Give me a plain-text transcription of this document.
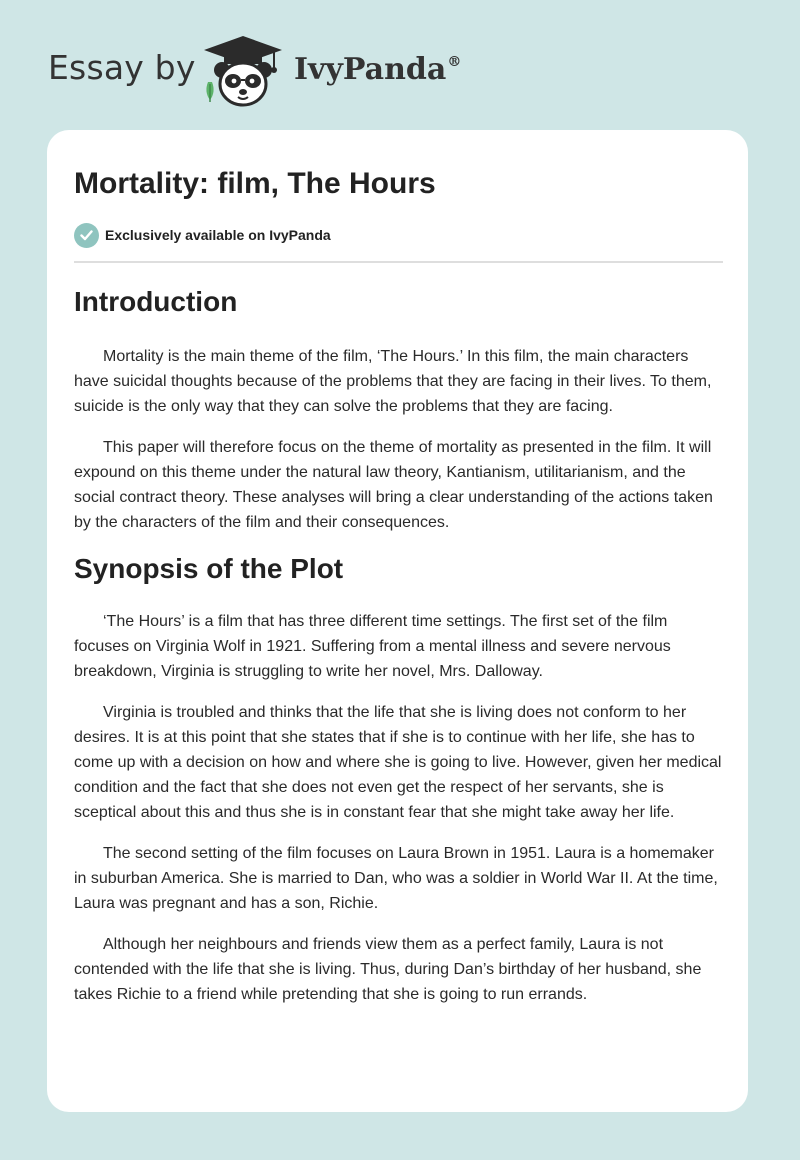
Essay by	IvyPanda®
Mortality: film, The Hours
Exclusively available on IvyPanda
Introduction

Mortality is the main theme of the film, ‘The Hours.’ In this film, the main characters have suicidal thoughts because of the problems that they are facing in their lives. To them, suicide is the only way that they can solve the problems that they are facing.

This paper will therefore focus on the theme of mortality as presented in the film. It will expound on this theme under the natural law theory, Kantianism, utilitarianism, and the social contract theory. These analyses will bring a clear understanding of the actions taken by the characters of the film and their consequences.

Synopsis of the Plot

‘The Hours’ is a film that has three different time settings. The first set of the film focuses on Virginia Wolf in 1921. Suffering from a mental illness and severe nervous breakdown, Virginia is struggling to write her novel, Mrs. Dalloway.

Virginia is troubled and thinks that the life that she is living does not conform to her desires. It is at this point that she states that if she is to continue with her life, she has to come up with a decision on how and where she is going to live. However, given her medical condition and the fact that she does not even get the respect of her servants, she is sceptical about this and thus she is in constant fear that she might take away her life.

The second setting of the film focuses on Laura Brown in 1951. Laura is a homemaker in suburban America. She is married to Dan, who was a soldier in World War II. At the time, Laura was pregnant and has a son, Richie.

Although her neighbours and friends view them as a perfect family, Laura is not contended with the life that she is living. Thus, during Dan’s birthday of her husband, she takes Richie to a friend while pretending that she is going to run errands.
